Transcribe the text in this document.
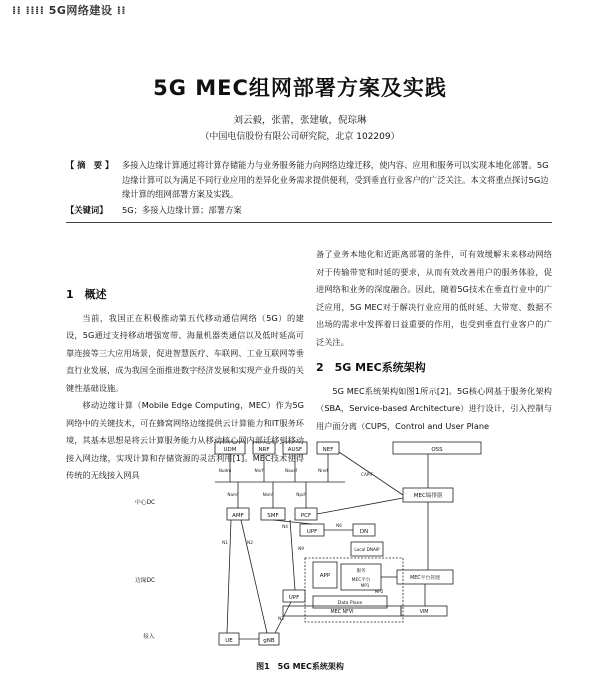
⁞⁞ ⁞⁞⁞⁞ 5G网络建设 ⁞⁞
5G MEC组网部署方案及实践
刘云毅，张蕾，张建敏，倪琮琳
（中国电信股份有限公司研究院，北京 102209）
【 摘　要 】	多接入边缘计算通过将计算存储能力与业务服务能力向网络边缘迁移，使内容、应用和服务可以实现本地化部署。5G边缘计算可以为满足不同行业应用的差异化业务需求提供便利，受到垂直行业客户的广泛关注。本文将重点探讨5G边缘计算的组网部署方案及实践。
【关键词】	5G；多接入边缘计算；部署方案
1　概述

当前，我国正在积极推动第五代移动通信网络（5G）的建设，5G通过支持移动增强宽带、海量机器类通信以及低时延高可靠连接等三大应用场景，促进智慧医疗、车联网、工业互联网等垂直行业发展，成为我国全面推进数字经济发展和实现产业升级的关键性基础设施。

移动边缘计算（Mobile Edge Computing，MEC）作为5G网络中的关键技术，可在蜂窝网络边缘提供云计算能力和IT服务环境，其基本思想是将云计算服务能力从移动核心网内部迁移到移动接入网边缘，实现计算和存储资源的灵活利用[1]。MEC技术使得传统的无线接入网具

备了业务本地化和近距离部署的条件，可有效缓解未来移动网络对于传输带宽和时延的要求，从而有效改善用户的服务体验，促进网络和业务的深度融合。因此，随着5G技术在垂直行业中的广泛应用，5G MEC对于解决行业应用的低时延、大带宽、数据不出场的需求中发挥着日益重要的作用，也受到垂直行业客户的广泛关注。

2　5G MEC系统架构

5G MEC系统架构如图1所示[2]。5G核心网基于服务化架构（SBA，Service-based Architecture）进行设计，引入控制与用户面分离（CUPS，Control and User Plane

UDM	NRF	AUSF	NEF	OSS
AMF	SMF	PCF
MEC编排器
UPF	DN
Local DNAIP
APP
服务
MEC平台
Data Plane
MEC平台管理
UPF
MEC NFVI	VIM
UE	gNB
Nudm	Nnrf	Nausf	Nnef
Namf	Nsmf	Npcf
CAPIF
N1	N2
N4	N6
N3
N9
MP1
MP2
中心DC
边缘DC
接入
图1　5G MEC系统架构
